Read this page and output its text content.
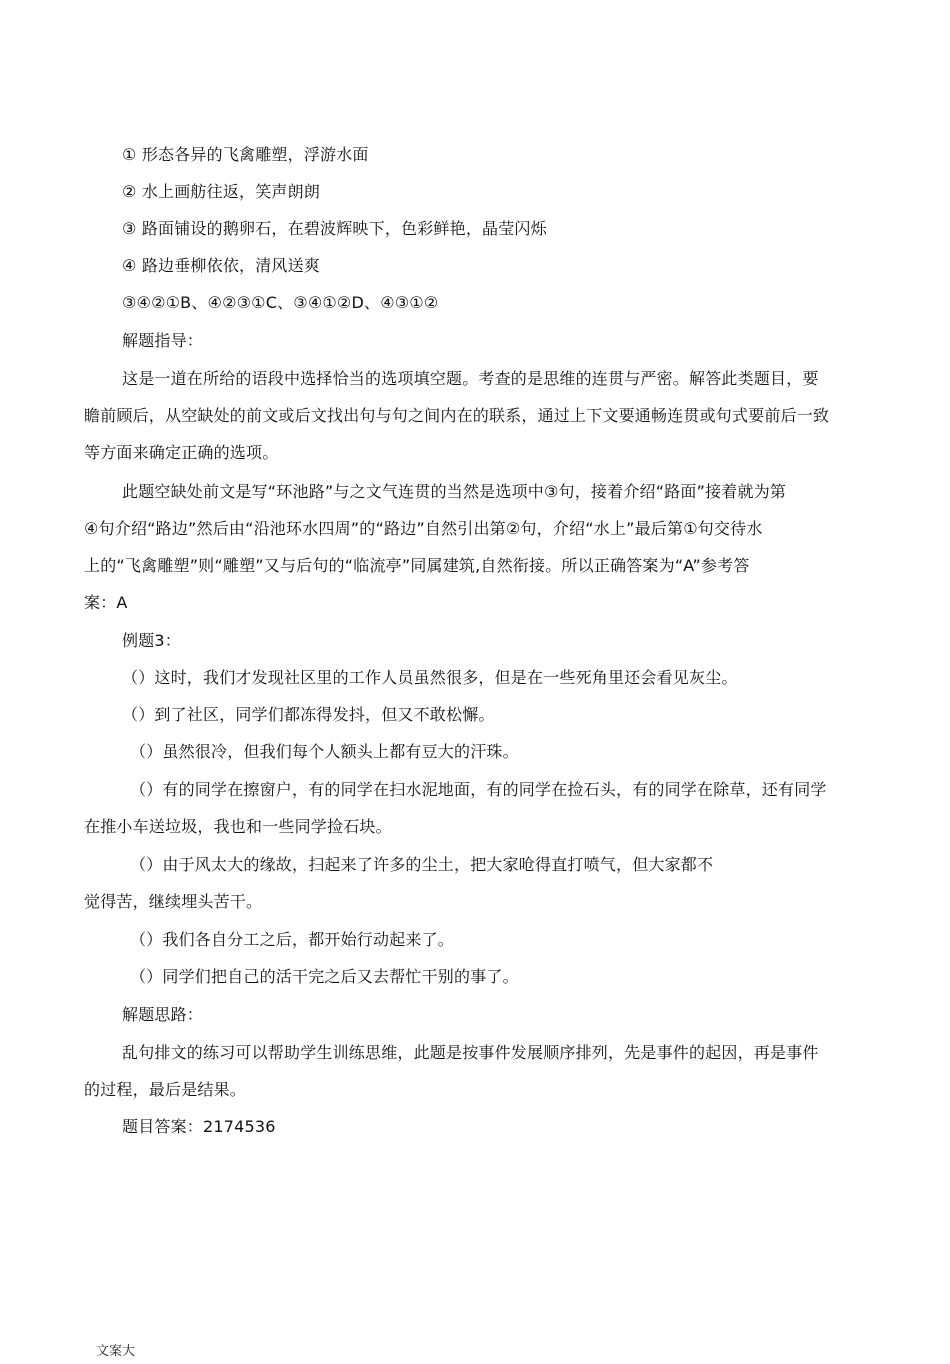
① 形态各异的飞禽雕塑，浮游水面
② 水上画舫往返，笑声朗朗
③ 路面铺设的鹅卵石，在碧波辉映下，色彩鲜艳，晶莹闪烁
④ 路边垂柳依依，清风送爽
③④②①B、④②③①C、③④①②D、④③①②
解题指导：
这是一道在所给的语段中选择恰当的选项填空题。考查的是思维的连贯与严密。解答此类题目，要
瞻前顾后，从空缺处的前文或后文找出句与句之间内在的联系，通过上下文要通畅连贯或句式要前后一致
等方面来确定正确的选项。
此题空缺处前文是写“环池路”与之文气连贯的当然是选项中③句，接着介绍“路面”接着就为第
④句介绍“路边”然后由“沿池环水四周”的“路边”自然引出第②句，介绍“水上”最后第①句交待水
上的“飞禽雕塑”则“雕塑”又与后句的“临流亭”同属建筑,自然衔接。所以正确答案为“A”参考答
案：A
例题3：
（）这时，我们才发现社区里的工作人员虽然很多，但是在一些死角里还会看见灰尘。
（）到了社区，同学们都冻得发抖，但又不敢松懈。
（）虽然很冷，但我们每个人额头上都有豆大的汗珠。
（）有的同学在擦窗户，有的同学在扫水泥地面，有的同学在捡石头，有的同学在除草，还有同学
在推小车送垃圾，我也和一些同学捡石块。
（）由于风太大的缘故，扫起来了许多的尘土，把大家呛得直打喷气，但大家都不
觉得苦，继续埋头苦干。
（）我们各自分工之后，都开始行动起来了。
（）同学们把自己的活干完之后又去帮忙干别的事了。
解题思路：
乱句排文的练习可以帮助学生训练思维，此题是按事件发展顺序排列，先是事件的起因，再是事件
的过程，最后是结果。
题目答案：2174536
文案大
